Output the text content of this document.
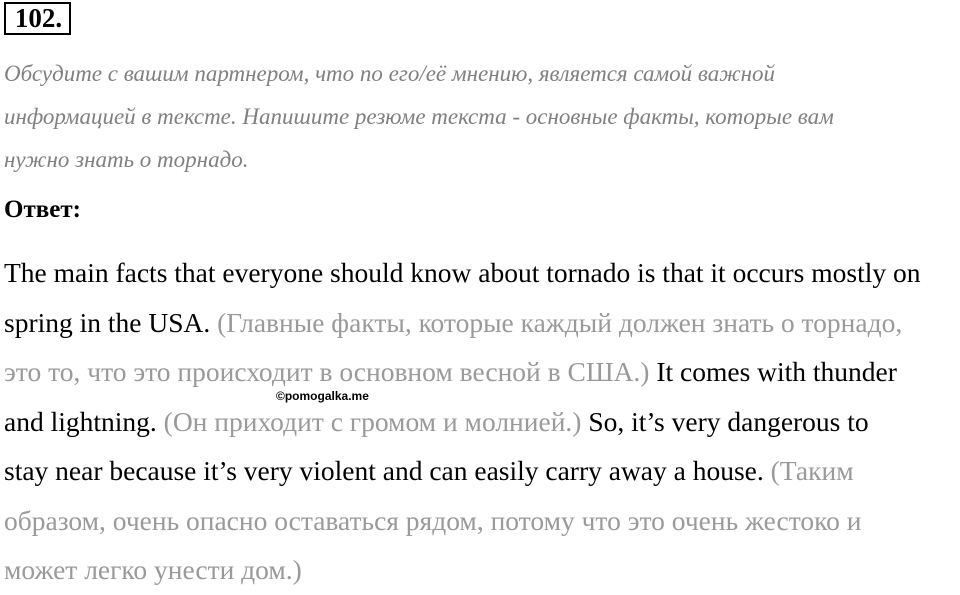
102.

Обсудите с вашим партнером, что по его/её мнению, является самой важной
информацией в тексте. Напишите резюме текста - основные факты, которые вам
нужно знать о торнадо.

Ответ:

The main facts that everyone should know about tornado is that it occurs mostly on
spring in the USA. (Главные факты, которые каждый должен знать о торнадо,
это то, что это происходит в основном весной в США.) It comes with thunder
and lightning. (Он приходит с громом и молнией.) So, it’s very dangerous to
stay near because it’s very violent and can easily carry away a house. (Таким
образом, очень опасно оставаться рядом, потому что это очень жестоко и
может легко унести дом.)

©pomogalka.me
